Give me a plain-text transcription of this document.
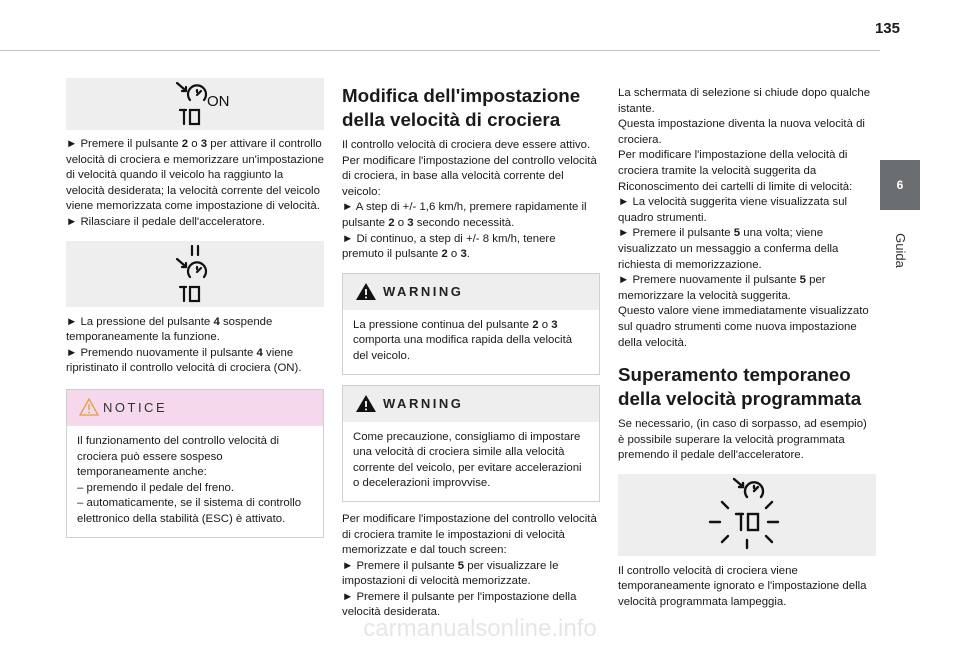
135
6
Guida
ON

► Premere il pulsante 2 o 3 per attivare il controllo velocità di crociera e memorizzare un'impostazione di velocità quando il veicolo ha raggiunto la velocità desiderata; la velocità corrente del veicolo viene memorizzata come impostazione di velocità.

► Rilasciare il pedale dell'acceleratore.

► La pressione del pulsante 4 sospende temporaneamente la funzione.

► Premendo nuovamente il pulsante 4 viene ripristinato il controllo velocità di crociera (ON).

NOTICE

Il funzionamento del controllo velocità di crociera può essere sospeso temporaneamente anche:

– premendo il pedale del freno.

– automaticamente, se il sistema di controllo elettronico della stabilità (ESC) è attivato.

Modifica dell'impostazione della velocità di crociera

Il controllo velocità di crociera deve essere attivo.

Per modificare l'impostazione del controllo velocità di crociera, in base alla velocità corrente del veicolo:

► A step di +/- 1,6 km/h, premere rapidamente il pulsante 2 o 3 secondo necessità.

► Di continuo, a step di +/- 8 km/h, tenere premuto il pulsante 2 o 3.

WARNING

La pressione continua del pulsante 2 o 3 comporta una modifica rapida della velocità del veicolo.

WARNING

Come precauzione, consigliamo di impostare una velocità di crociera simile alla velocità corrente del veicolo, per evitare accelerazioni o decelerazioni improvvise.

Per modificare l'impostazione del controllo velocità di crociera tramite le impostazioni di velocità memorizzate e dal touch screen:

► Premere il pulsante 5 per visualizzare le impostazioni di velocità memorizzate.

► Premere il pulsante per l'impostazione della velocità desiderata.

La schermata di selezione si chiude dopo qualche istante.

Questa impostazione diventa la nuova velocità di crociera.

Per modificare l'impostazione della velocità di crociera tramite la velocità suggerita da Riconoscimento dei cartelli di limite di velocità:

► La velocità suggerita viene visualizzata sul quadro strumenti.

► Premere il pulsante 5 una volta; viene visualizzato un messaggio a conferma della richiesta di memorizzazione.

► Premere nuovamente il pulsante 5 per memorizzare la velocità suggerita.

Questo valore viene immediatamente visualizzato sul quadro strumenti come nuova impostazione della velocità.

Superamento temporaneo della velocità programmata

Se necessario, (in caso di sorpasso, ad esempio) è possibile superare la velocità programmata premendo il pedale dell'acceleratore.

Il controllo velocità di crociera viene temporaneamente ignorato e l'impostazione della velocità programmata lampeggia.

carmanualsonline.info
